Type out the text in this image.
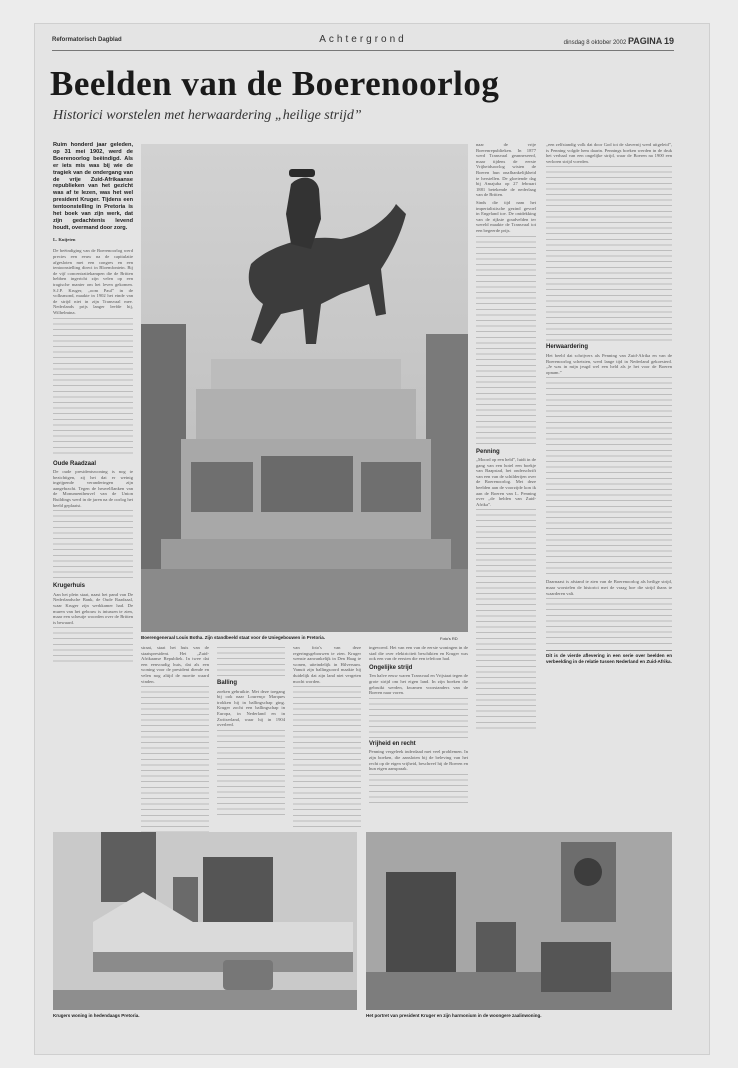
Reformatorisch Dagblad	Achtergrond	dinsdag 8 oktober 2002 PAGINA 19
Beelden van de Boerenoorlog
Historici worstelen met herwaardering „heilige strijd”

Ruim honderd jaar geleden, op 31 mei 1902, werd de Boerenoorlog beëindigd. Als er iets mis was bij wie de tragiek van de ondergang van de vrije Zuid-Afrikaanse republieken van het gezicht was af te lezen, was het wel president Kruger. Tijdens een tentoonstelling in Pretoria is het boek van zijn werk, dat zijn gedachtenis levend houdt, overmand door zorg.

L. Kuijeten

De beëindiging van de Boerenoorlog werd precies een eeuw na de capitulatie afgesloten met een congres en een tentoonstelling direct in Bloemfontein. Bij de vijf concentratiekampen die de Britten hebben ingericht zijn velen op een tragische manier om het leven gekomen. S.J.P. Kruger, „oom Paul” in de volksmond, maakte in 1902 het einde van de strijd niet in zijn Transvaal mee. Nederlands prijs langer leefde hij, Wilhelmina.

Oude Raadzaal

De oude presidentswoning is nog te bezichtigen, zij het dat er weinig ingrijpende veranderingen zijn aangebracht. Tegen de heuvelflanken van de Monumentheuvel van de Union Buildings werd in de jaren na de oorlog het beeld geplaatst.

Krugerhuis

Aan het plein staat, naast het pand van De Nederlandsche Bank, de Oude Raadzaal, waar Kruger zijn werkkamer had. De muren van het gebouw is intussen te zien, maar een scheutje woorden over de Britten is bewaard.

Boerengeneraal Louis Botha. Zijn standbeeld staat voor de Uniegebouwen in Pretoria.	Foto's RD

straat, staat het huis van de staatspresident. Het „Zuid-Afrikaanse Republiek. In twee dat een eenvoudig huis, dat als een woning voor de president diende en velen nog altijd de moeite waard vinden.	Balling

zoeken gebruikte. Met deze toegang bij ook naar Lourenço Marques trokken hij in ballingschap ging. Kruger zocht een ballingschap in Europa, in Nederland en in Zwitserland, waar hij in 1904 overleed.

van foto's van deze regeringsgebouwen te zien. Kruger wenste aanvankelijk in Den Haag te wonen, uiteindelijk in Hilversum. Vanuit zijn ballingsoord maakte hij duidelijk dat zijn land niet vergeten mocht worden.

ingevoerd. Het van een van de eerste woningen in de stad die over elektriciteit beschikten en Kruger was ook een van de eersten die een telefoon had.

Ongelijke strijd

Ten halve eeuw waren Transvaal en Vrijstaat tegen de grote strijd om het eigen land. In zijn boeken die gebruikt werden, kwamen voorstanders van de Boeren naar voren.

Vrijheid en recht

Penning vergeleek inderdaad met veel problemen. In zijn boeken, die aansloten bij de beleving van het recht op de eigen vrijheid, beschreef hij de Boeren en hun eigen aanspraak.

naar de vrije Boerenrepublieken. In 1877 werd Transvaal geannexeerd, maar tijdens de eerste Vrijheidsoorlog wisten de Boeren hun onafhankelijkheid te herstellen. De gloeiende dag bij Amajuba op 27 februari 1881 betekende de nederlaag van de Britten.

Sinds die tijd nam het imperialistische gezind gevoel in Engeland toe. De ontdekking van de rijkste goudvelden ter wereld maakte de Transvaal tot een begeerde prijs.

Penning

„Moord op een held”, luidt in de gang van een hotel een boekje van Baapstad, het onderschrift van een van de schilderijen over de Boerenoorlog. Met deze beelden aan de voorzijde kon ik aan de Boeren van L. Penning over „de helden van Zuid-Afrika”.

„een zelfstandig volk dat door God tot de slavernij werd uitgeleid”, is Penning volgde hem daarin. Pennings boeken werden in de druk het verhaal van een ongelijke strijd, waar de Boeren na 1900 een verloren strijd voerden.

Herwaardering

Het beeld dat schrijvers als Penning van Zuid-Afrika en van de Boerenoorlog schetsten, werd lange tijd in Nederland gekoesterd. „Je was in mijn jeugd wel een held als je het voor de Boeren opnam.”

Daarnaast is afstand te zien van de Boerenoorlog als heilige strijd, maar worstelen de historici met de vraag hoe die strijd thans te waarderen valt.

Dit is de vierde aflevering in een serie over beelden en verbeelding in de relatie tussen Nederland en Zuid-Afrika.

Krugers woning in hedendaags Pretoria.	Het portret van president Kruger en zijn harmonium in de woongere zaalinwoning.
